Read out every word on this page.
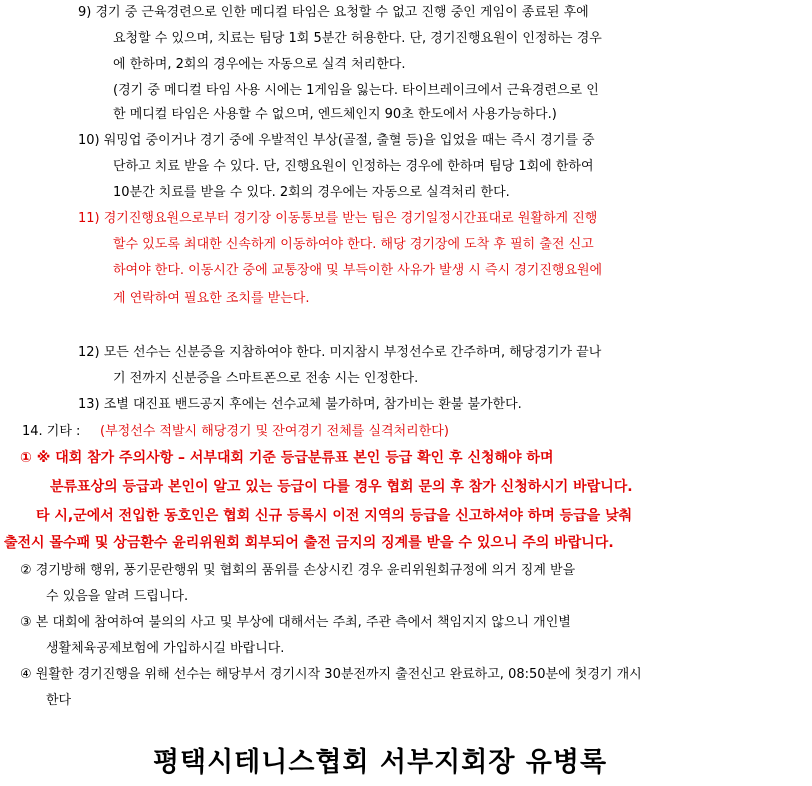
9) 경기 중 근육경련으로 인한 메디컬 타임은 요청할 수 없고 진행 중인 게임이 종료된 후에
요청할 수 있으며, 치료는 팀당 1회 5분간 허용한다. 단, 경기진행요원이 인정하는 경우
에 한하며, 2회의 경우에는 자동으로 실격 처리한다.
(경기 중 메디컬 타임 사용 시에는 1게임을 잃는다. 타이브레이크에서 근육경련으로 인
한 메디컬 타임은 사용할 수 없으며, 엔드체인지 90초 한도에서 사용가능하다.)
10) 워밍업 중이거나 경기 중에 우발적인 부상(골절, 출혈 등)을 입었을 때는 즉시 경기를 중
단하고 치료 받을 수 있다. 단, 진행요원이 인정하는 경우에 한하며 팀당 1회에 한하여
10분간 치료를 받을 수 있다. 2회의 경우에는 자동으로 실격처리 한다.
11) 경기진행요원으로부터 경기장 이동통보를 받는 팀은 경기일정시간표대로 원활하게 진행
할수 있도록 최대한 신속하게 이동하여야 한다. 해당 경기장에 도착 후 필히 출전 신고
하여야 한다. 이동시간 중에 교통장애 및 부득이한 사유가 발생 시 즉시 경기진행요원에
게 연락하여 필요한 조치를 받는다.
12) 모든 선수는 신분증을 지참하여야 한다. 미지참시 부정선수로 간주하며, 해당경기가 끝나
기 전까지 신분증을 스마트폰으로 전송 시는 인정한다.
13) 조별 대진표 밴드공지 후에는 선수교체 불가하며, 참가비는 환불 불가한다.
14. 기타 : (부정선수 적발시 해당경기 및 잔여경기 전체를 실격처리한다)
① ※ 대회 참가 주의사항 – 서부대회 기준 등급분류표 본인 등급 확인 후 신청해야 하며
분류표상의 등급과 본인이 알고 있는 등급이 다를 경우 협회 문의 후 참가 신청하시기 바랍니다.
타 시,군에서 전입한 동호인은 협회 신규 등록시 이전 지역의 등급을 신고하셔야 하며 등급을 낮춰
출전시 몰수패 및 상금환수 윤리위원회 회부되어 출전 금지의 징계를 받을 수 있으니 주의 바랍니다.
② 경기방해 행위, 풍기문란행위 및 협회의 품위를 손상시킨 경우 윤리위원회규정에 의거 징계 받을
수 있음을 알려 드립니다.
③ 본 대회에 참여하여 불의의 사고 및 부상에 대해서는 주최, 주관 측에서 책임지지 않으니 개인별
생활체육공제보험에 가입하시길 바랍니다.
④ 원활한 경기진행을 위해 선수는 해당부서 경기시작 30분전까지 출전신고 완료하고, 08:50분에 첫경기 개시
한다
평택시테니스협회 서부지회장 유병록
